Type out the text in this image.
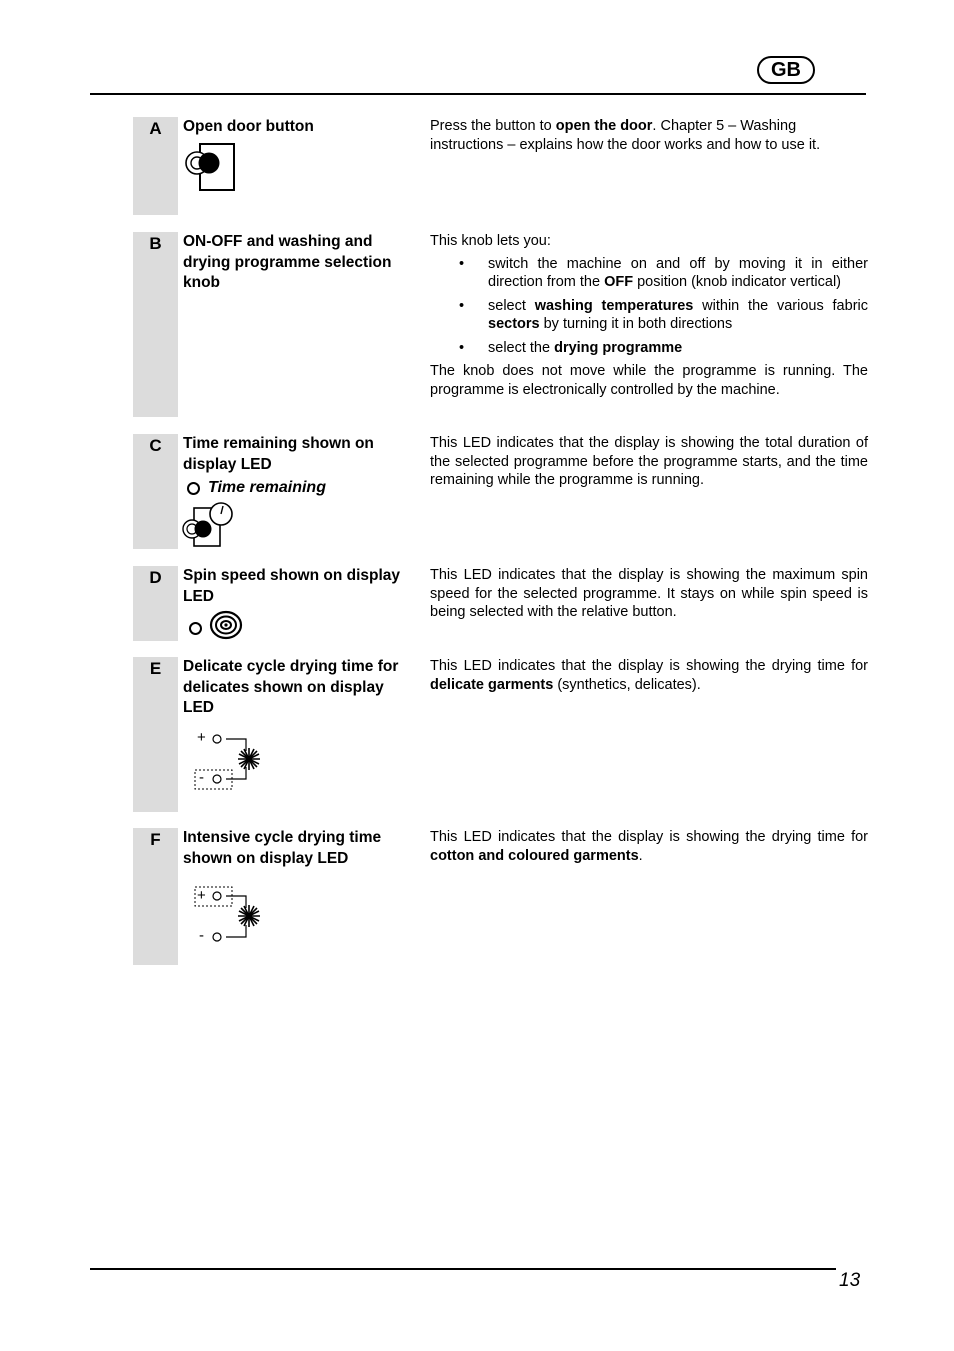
GB
A	Open door button	Press the button to open the door. Chapter 5 – Washing instructions – explains how the door works and how to use it.

B	ON-OFF and washing and drying programme selection knob

This knob lets you:

• switch the machine on and off by moving it in either direction from the OFF position (knob indicator vertical)
• select washing temperatures within the various fabric sectors by turning it in both directions
• select the drying programme

The knob does not move while the programme is running. The programme is electronically controlled by the machine.

C	Time remaining shown on display LED
Time remaining
This LED indicates that the display is showing the total duration of the selected programme before the programme starts, and the time remaining while the programme is running.
D	Spin speed shown on display LED
This LED indicates that the display is showing the maximum spin speed for the selected programme. It stays on while spin speed is being selected with the relative button.
E	Delicate cycle drying time for delicates shown on display LED
+
-
This LED indicates that the display is showing the drying time for delicate garments (synthetics, delicates).
F	Intensive cycle drying time shown on display LED
+
-
This LED indicates that the display is showing the drying time for cotton and coloured garments.
13
